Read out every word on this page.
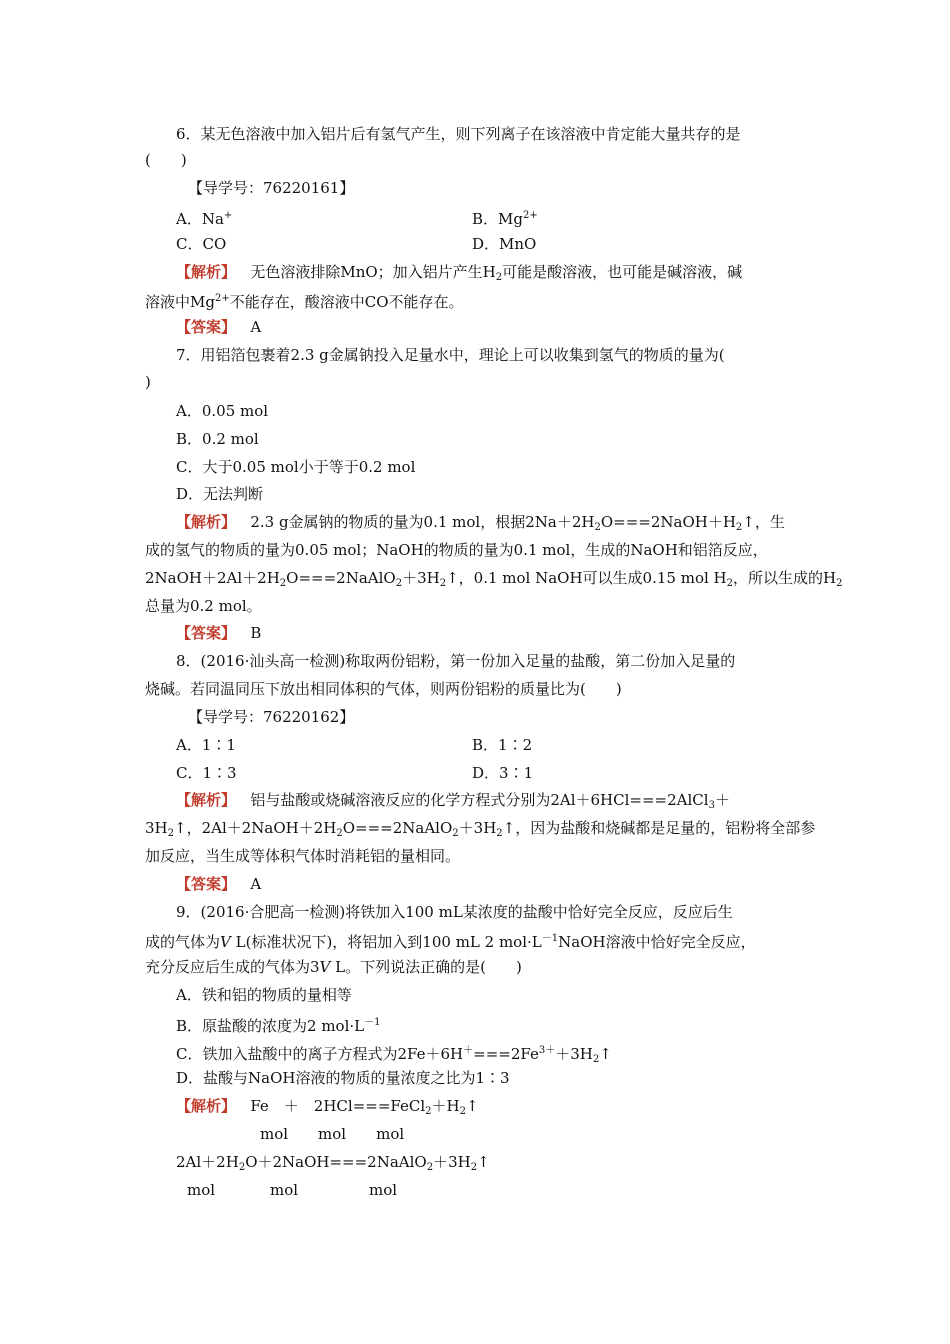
6．某无色溶液中加入铝片后有氢气产生，则下列离子在该溶液中肯定能大量共存的是
(　　)
【导学号：76220161】
A．Na+	B．$Mg^{2+}$
C．CO	D．MnO
【解析】 无色溶液排除MnO；加入铝片产生$H_2$可能是酸溶液，也可能是碱溶液，碱
溶液中$Mg^{2+}$不能存在，酸溶液中CO不能存在。
【答案】 A
7．用铝箔包裹着2.3 g金属钠投入足量水中，理论上可以收集到氢气的物质的量为(
)
A．0.05 mol
B．0.2 mol
C．大于0.05 mol小于等于0.2 mol
D．无法判断
【解析】 2.3 g金属钠的物质的量为0.1 mol，根据$2Na+2H_2O===2NaOH+H_2↑$，生
成的氢气的物质的量为0.05 mol；NaOH的物质的量为0.1 mol，生成的NaOH和铝箔反应，
$2NaOH+2Al+2H_2O===2NaAlO_2+3H_2↑$，0.1 mol NaOH可以生成0.15 mol $H_2$，所以生成的$H_2$
总量为0.2 mol。
【答案】 B
8．(2016·汕头高一检测)称取两份铝粉，第一份加入足量的盐酸，第二份加入足量的
烧碱。若同温同压下放出相同体积的气体，则两份铝粉的质量比为(　　)
【导学号：76220162】
A．1∶1	B．1∶2
C．1∶3	D．3∶1
【解析】 铝与盐酸或烧碱溶液反应的化学方程式分别为2Al＋6HCl===2AlCl$_3$＋
$3H_2↑$，$2Al+2NaOH+2H_2O===2NaAlO_2+3H_2↑$，因为盐酸和烧碱都是足量的，铝粉将全部参
加反应，当生成等体积气体时消耗铝的量相同。
【答案】 A
9．(2016·合肥高一检测)将铁加入100 mL某浓度的盐酸中恰好完全反应，反应后生
成的气体为V L(标准状况下)，将铝加入到100 mL 2 $mol\cdot L^{-1}NaOH$溶液中恰好完全反应，
充分反应后生成的气体为3V L。下列说法正确的是(　　)
A．铁和铝的物质的量相等
B．原盐酸的浓度为2 $mol\cdot L^{-1}$
C．铁加入盐酸中的离子方程式为$2Fe+6H^+===2Fe^{3+}+3H_2↑$
D．盐酸与NaOH溶液的物质的量浓度之比为1∶3
【解析】 Fe　＋　$2HCl===FeCl_2+H_2↑$
mol　　mol　　mol
$2Al+2H_2O+2NaOH===2NaAlO_2+3H_2↑$
mol	mol	mol
